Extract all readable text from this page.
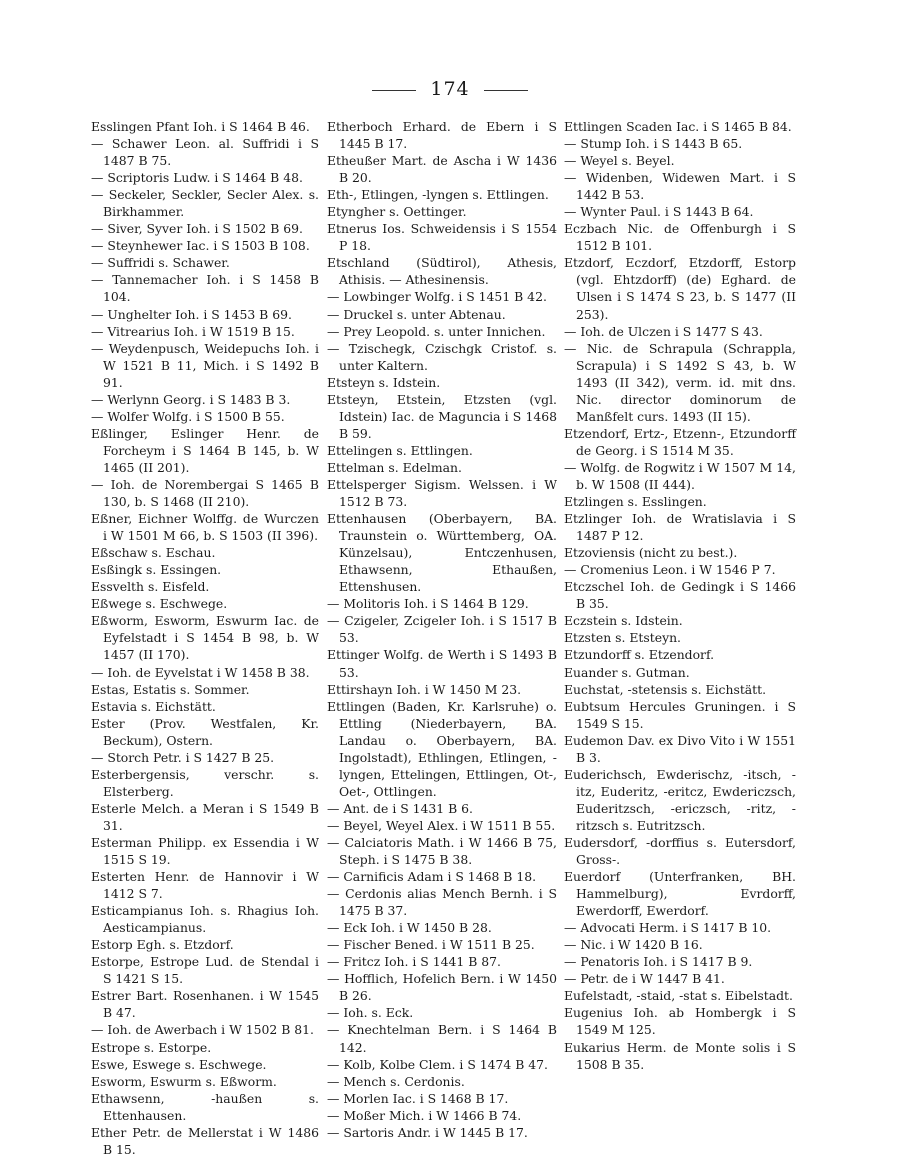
174

Esslingen Pfant Ioh. i S 1464 B 46.

— Schawer Leon. al. Suffridi i S 1487 B 75.

— Scriptoris Ludw. i S 1464 B 48.

— Seckeler, Seckler, Secler Alex. s. Birkhammer.

— Siver, Syver Ioh. i S 1502 B 69.

— Steynhewer Iac. i S 1503 B 108.

— Suffridi s. Schawer.

— Tannemacher Ioh. i S 1458 B 104.

— Unghelter Ioh. i S 1453 B 69.

— Vitrearius Ioh. i W 1519 B 15.

— Weydenpusch, Weidepuchs Ioh. i W 1521 B 11, Mich. i S 1492 B 91.

— Werlynn Georg. i S 1483 B 3.

— Wolfer Wolfg. i S 1500 B 55.

Eßlinger, Eslinger Henr. de Forcheym i S 1464 B 145, b. W 1465 (II 201).

— Ioh. de Norembergai S 1465 B 130, b. S 1468 (II 210).

Eßner, Eichner Wolffg. de Wurczen i W 1501 M 66, b. S 1503 (II 396).

Eßschaw s. Eschau.

Esßingk s. Essingen.

Essvelth s. Eisfeld.

Eßwege s. Eschwege.

Eßworm, Esworm, Eswurm Iac. de Eyfelstadt i S 1454 B 98, b. W 1457 (II 170).

— Ioh. de Eyvelstat i W 1458 B 38.

Estas, Estatis s. Sommer.

Estavia s. Eichstätt.

Ester (Prov. Westfalen, Kr. Beckum), Ostern.

— Storch Petr. i S 1427 B 25.

Esterbergensis, verschr. s. Elsterberg.

Esterle Melch. a Meran i S 1549 B 31.

Esterman Philipp. ex Essendia i W 1515 S 19.

Esterten Henr. de Hannovir i W 1412 S 7.

Esticampianus Ioh. s. Rhagius Ioh. Aesticampianus.

Estorp Egh. s. Etzdorf.

Estorpe, Estrope Lud. de Stendal i S 1421 S 15.

Estrer Bart. Rosenhanen. i W 1545 B 47.

— Ioh. de Awerbach i W 1502 B 81.

Estrope s. Estorpe.

Eswe, Eswege s. Eschwege.

Esworm, Eswurm s. Eßworm.

Ethawsenn, -haußen s. Ettenhausen.

Ether Petr. de Mellerstat i W 1486 B 15.

Etherboch Erhard. de Ebern i S 1445 B 17.

Etheußer Mart. de Ascha i W 1436 B 20.

Eth-, Etlingen, -lyngen s. Ettlingen.

Etyngher s. Oettinger.

Etnerus Ios. Schweidensis i S 1554 P 18.

Etschland (Südtirol), Athesis, Athisis. — Athesinensis.

— Lowbinger Wolfg. i S 1451 B 42.

— Druckel s. unter Abtenau.

— Prey Leopold. s. unter Innichen.

— Tzischegk, Czischgk Cristof. s. unter Kaltern.

Etsteyn s. Idstein.

Etsteyn, Etstein, Etzsten (vgl. Idstein) Iac. de Maguncia i S 1468 B 59.

Ettelingen s. Ettlingen.

Ettelman s. Edelman.

Ettelsperger Sigism. Welssen. i W 1512 B 73.

Ettenhausen (Oberbayern, BA. Traunstein o. Württemberg, OA. Künzelsau), Entczenhusen, Ethawsenn, Ethaußen, Ettenshusen.

— Molitoris Ioh. i S 1464 B 129.

— Czigeler, Zcigeler Ioh. i S 1517 B 53.

Ettinger Wolfg. de Werth i S 1493 B 53.

Ettirshayn Ioh. i W 1450 M 23.

Ettlingen (Baden, Kr. Karlsruhe) o. Ettling (Niederbayern, BA. Landau o. Oberbayern, BA. Ingolstadt), Ethlingen, Etlingen, -lyngen, Ettelingen, Ettlingen, Ot-, Oet-, Ottlingen.

— Ant. de i S 1431 B 6.

— Beyel, Weyel Alex. i W 1511 B 55.

— Calciatoris Math. i W 1466 B 75, Steph. i S 1475 B 38.

— Carnificis Adam i S 1468 B 18.

— Cerdonis alias Mench Bernh. i S 1475 B 37.

— Eck Ioh. i W 1450 B 28.

— Fischer Bened. i W 1511 B 25.

— Fritcz Ioh. i S 1441 B 87.

— Hofflich, Hofelich Bern. i W 1450 B 26.

— Ioh. s. Eck.

— Knechtelman Bern. i S 1464 B 142.

— Kolb, Kolbe Clem. i S 1474 B 47.

— Mench s. Cerdonis.

— Morlen Iac. i S 1468 B 17.

— Moßer Mich. i W 1466 B 74.

— Sartoris Andr. i W 1445 B 17.

Ettlingen Scaden Iac. i S 1465 B 84.

— Stump Ioh. i S 1443 B 65.

— Weyel s. Beyel.

— Widenben, Widewen Mart. i S 1442 B 53.

— Wynter Paul. i S 1443 B 64.

Eczbach Nic. de Offenburgh i S 1512 B 101.

Etzdorf, Eczdorf, Etzdorff, Estorp (vgl. Ehtzdorff) (de) Eghard. de Ulsen i S 1474 S 23, b. S 1477 (II 253).

— Ioh. de Ulczen i S 1477 S 43.

— Nic. de Schrapula (Schrappla, Scrapula) i S 1492 S 43, b. W 1493 (II 342), verm. id. mit dns. Nic. director dominorum de Manßfelt curs. 1493 (II 15).

Etzendorf, Ertz-, Etzenn-, Etzundorff de Georg. i S 1514 M 35.

— Wolfg. de Rogwitz i W 1507 M 14, b. W 1508 (II 444).

Etzlingen s. Esslingen.

Etzlinger Ioh. de Wratislavia i S 1487 P 12.

Etzoviensis (nicht zu best.).

— Cromenius Leon. i W 1546 P 7.

Etczschel Ioh. de Gedingk i S 1466 B 35.

Eczstein s. Idstein.

Etzsten s. Etsteyn.

Etzundorff s. Etzendorf.

Euander s. Gutman.

Euchstat, -stetensis s. Eichstätt.

Eubtsum Hercules Gruningen. i S 1549 S 15.

Eudemon Dav. ex Divo Vito i W 1551 B 3.

Euderichsch, Ewderischz, -itsch, -itz, Euderitz, -eritcz, Ewdericzsch, Euderitzsch, -ericzsch, -ritz, -ritzsch s. Eutritzsch.

Eudersdorf, -dorffius s. Eutersdorf, Gross-.

Euerdorf (Unterfranken, BH. Hammelburg), Evrdorff, Ewerdorff, Ewerdorf.

— Advocati Herm. i S 1417 B 10.

— Nic. i W 1420 B 16.

— Penatoris Ioh. i S 1417 B 9.

— Petr. de i W 1447 B 41.

Eufelstadt, -staid, -stat s. Eibelstadt.

Eugenius Ioh. ab Hombergk i S 1549 M 125.

Eukarius Herm. de Monte solis i S 1508 B 35.
